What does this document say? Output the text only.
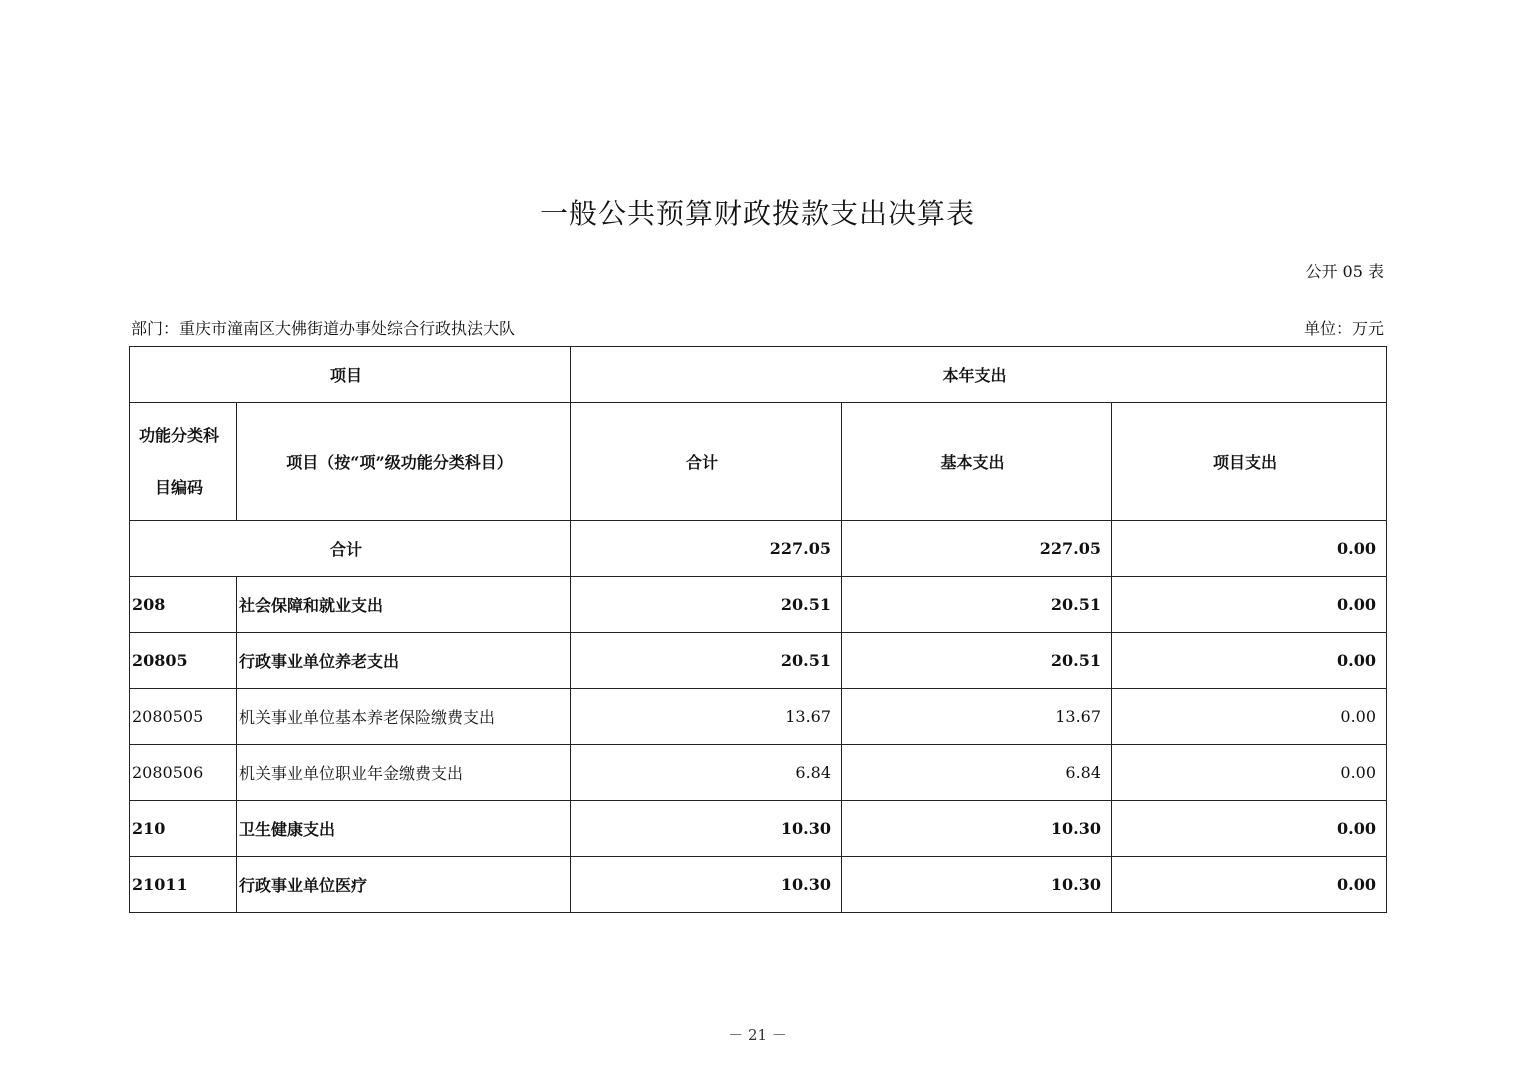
一般公共预算财政拨款支出决算表
公开 05 表
部门：重庆市潼南区大佛街道办事处综合行政执法大队	单位：万元
项目		本年支出		
功能分类科目编码	项目（按“项”级功能分类科目）	合计	基本支出	项目支出
合计		227.05	227.05	0.00
208	社会保障和就业支出	20.51	20.51	0.00
20805	行政事业单位养老支出	20.51	20.51	0.00
2080505	机关事业单位基本养老保险缴费支出	13.67	13.67	0.00
2080506	机关事业单位职业年金缴费支出	6.84	6.84	0.00
210	卫生健康支出	10.30	10.30	0.00
21011	行政事业单位医疗	10.30	10.30	0.00
－ 21 －
